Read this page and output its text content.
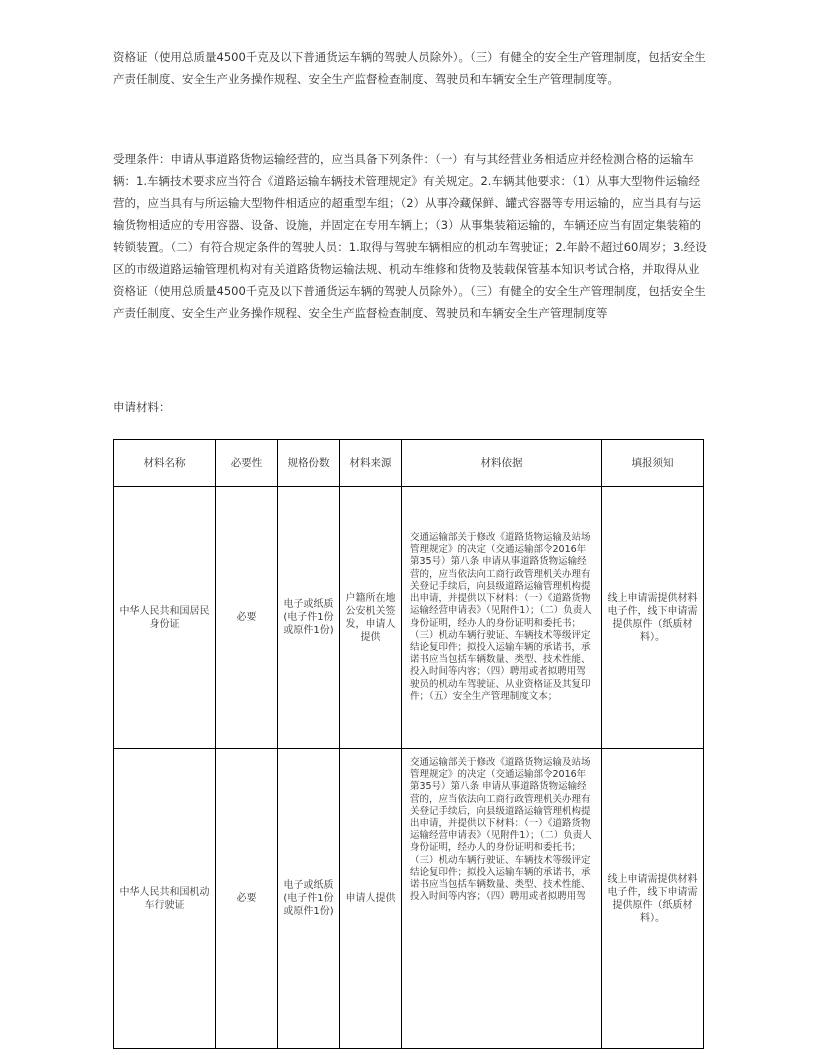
资格证（使用总质量4500千克及以下普通货运车辆的驾驶人员除外）。（三）有健全的安全生产管理制度，包括安全生产责任制度、安全生产业务操作规程、安全生产监督检查制度、驾驶员和车辆安全生产管理制度等。

受理条件：申请从事道路货物运输经营的，应当具备下列条件：（一）有与其经营业务相适应并经检测合格的运输车辆：1.车辆技术要求应当符合《道路运输车辆技术管理规定》有关规定。2.车辆其他要求：（1）从事大型物件运输经营的，应当具有与所运输大型物件相适应的超重型车组；（2）从事冷藏保鲜、罐式容器等专用运输的，应当具有与运输货物相适应的专用容器、设备、设施，并固定在专用车辆上；（3）从事集装箱运输的，车辆还应当有固定集装箱的转锁装置。（二）有符合规定条件的驾驶人员：1.取得与驾驶车辆相应的机动车驾驶证；2.年龄不超过60周岁；3.经设区的市级道路运输管理机构对有关道路货物运输法规、机动车维修和货物及装载保管基本知识考试合格，并取得从业资格证（使用总质量4500千克及以下普通货运车辆的驾驶人员除外）。（三）有健全的安全生产管理制度，包括安全生产责任制度、安全生产业务操作规程、安全生产监督检查制度、驾驶员和车辆安全生产管理制度等

申请材料：

材料名称	必要性	规格份数	材料来源	材料依据	填报须知
中华人民共和国居民身份证	必要	电子或纸质(电子件1份或原件1份)	户籍所在地公安机关签发，申请人提供	交通运输部关于修改《道路货物运输及站场管理规定》的决定（交通运输部令2016年第35号）第八条 申请从事道路货物运输经营的，应当依法向工商行政管理机关办理有关登记手续后，向县级道路运输管理机构提出申请，并提供以下材料：（一）《道路货物运输经营申请表》（见附件1）；（二）负责人身份证明，经办人的身份证明和委托书；（三）机动车辆行驶证、车辆技术等级评定结论复印件；拟投入运输车辆的承诺书，承诺书应当包括车辆数量、类型、技术性能、投入时间等内容；（四）聘用或者拟聘用驾驶员的机动车驾驶证、从业资格证及其复印件；（五）安全生产管理制度文本；	线上申请需提供材料电子件，线下申请需提供原件（纸质材料）。
中华人民共和国机动车行驶证	必要	电子或纸质(电子件1份或原件1份)	申请人提供	交通运输部关于修改《道路货物运输及站场管理规定》的决定（交通运输部令2016年第35号）第八条 申请从事道路货物运输经营的，应当依法向工商行政管理机关办理有关登记手续后，向县级道路运输管理机构提出申请，并提供以下材料：（一）《道路货物运输经营申请表》（见附件1）；（二）负责人身份证明，经办人的身份证明和委托书；（三）机动车辆行驶证、车辆技术等级评定结论复印件；拟投入运输车辆的承诺书，承诺书应当包括车辆数量、类型、技术性能、投入时间等内容；（四）聘用或者拟聘用驾	线上申请需提供材料电子件，线下申请需提供原件（纸质材料）。
